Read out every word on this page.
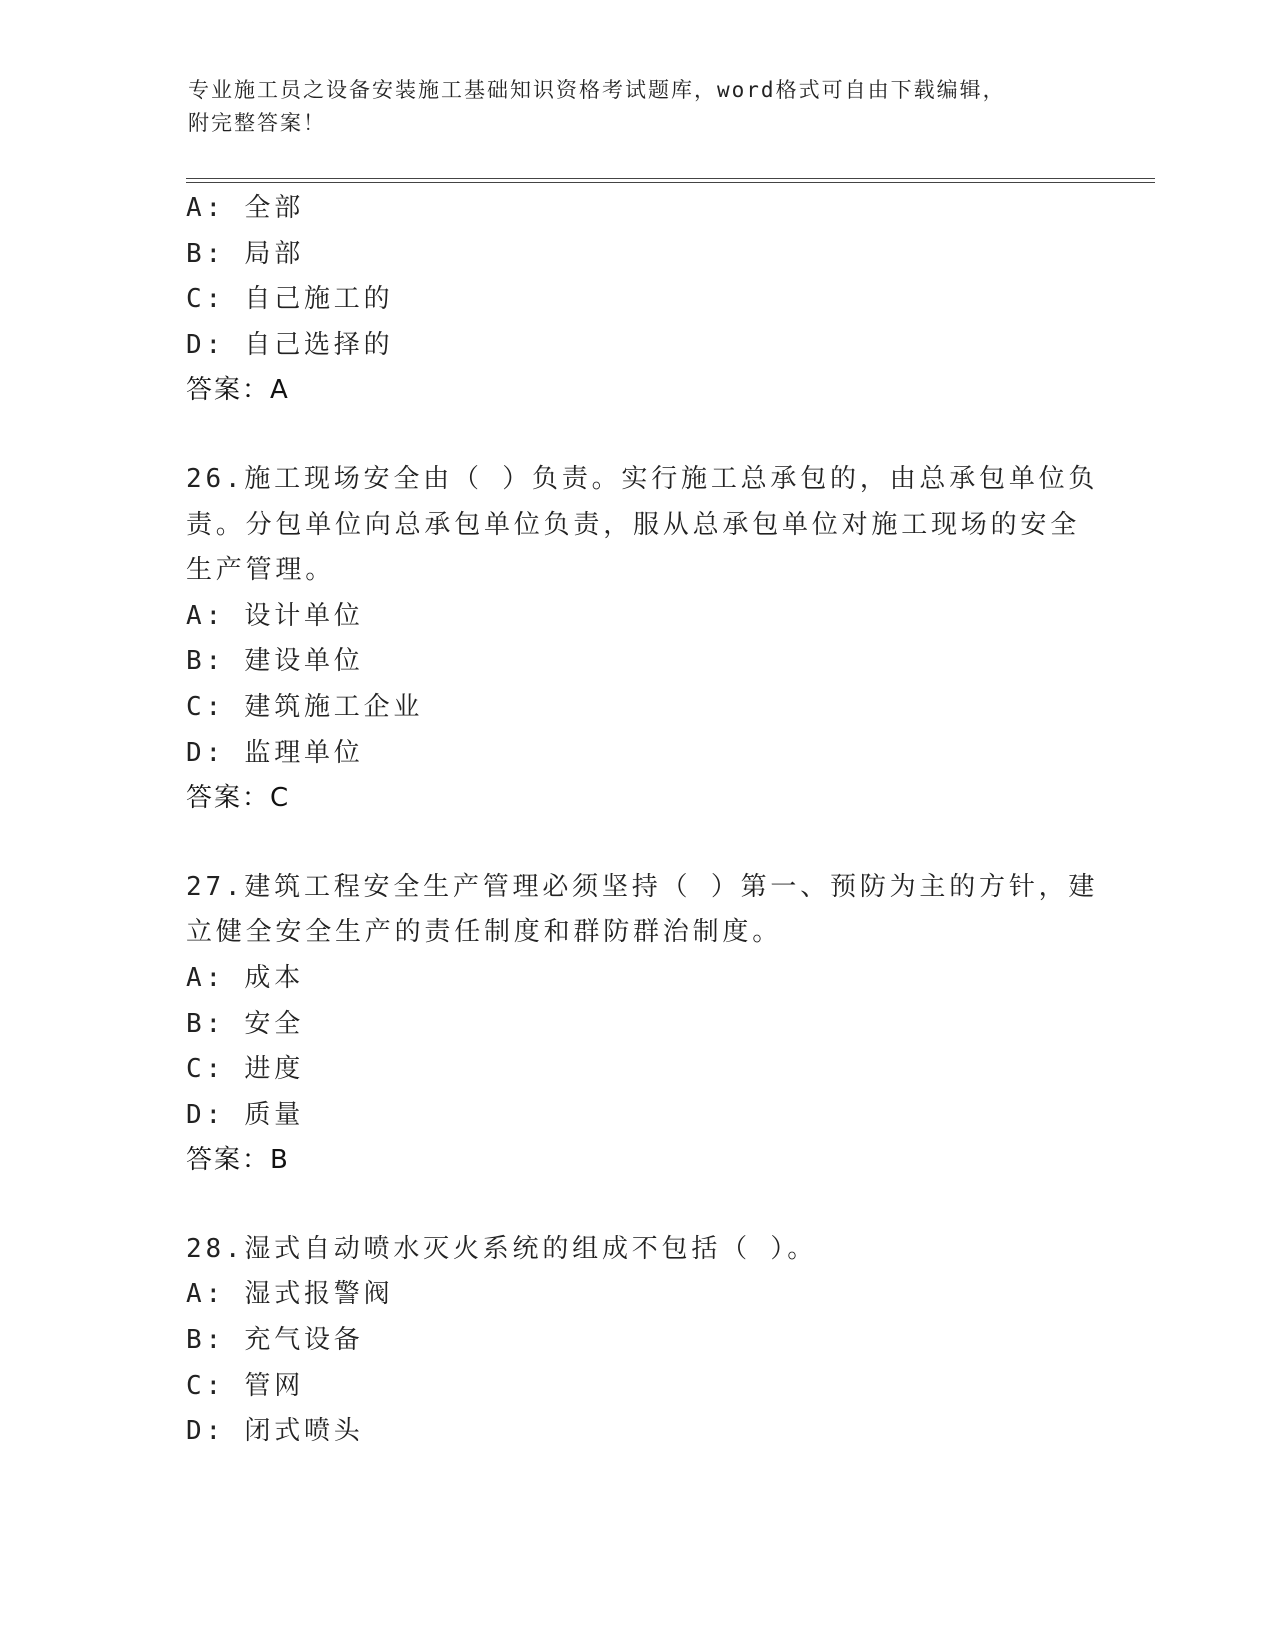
专业施工员之设备安装施工基础知识资格考试题库，word格式可自由下载编辑，
附完整答案！
A: 全部
B: 局部
C: 自己施工的
D: 自己选择的
答案：A
26.施工现场安全由（ ）负责。实行施工总承包的，由总承包单位负
责。分包单位向总承包单位负责，服从总承包单位对施工现场的安全
生产管理。
A: 设计单位
B: 建设单位
C: 建筑施工企业
D: 监理单位
答案：C
27.建筑工程安全生产管理必须坚持（ ）第一、预防为主的方针，建
立健全安全生产的责任制度和群防群治制度。
A: 成本
B: 安全
C: 进度
D: 质量
答案：B
28.湿式自动喷水灭火系统的组成不包括（ ）。
A: 湿式报警阀
B: 充气设备
C: 管网
D: 闭式喷头
